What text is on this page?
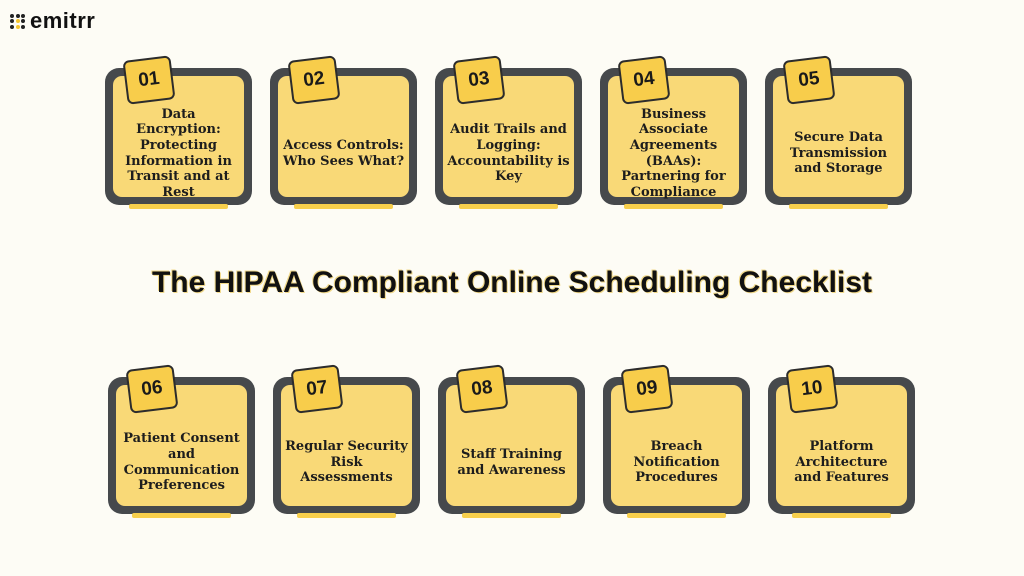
emitrr
Data Encryption: Protecting Information in Transit and at Rest
01
Access Controls: Who Sees What?
02
Audit Trails and Logging: Accountability is Key
03
Business Associate Agreements (BAAs): Partnering for Compliance
04
Secure Data Transmission and Storage
05
Patient Consent and Communication Preferences
06
Regular Security Risk Assessments
07
Staff Training and Awareness
08
Breach Notification Procedures
09
Platform Architecture and Features
10
The HIPAA Compliant Online Scheduling Checklist
